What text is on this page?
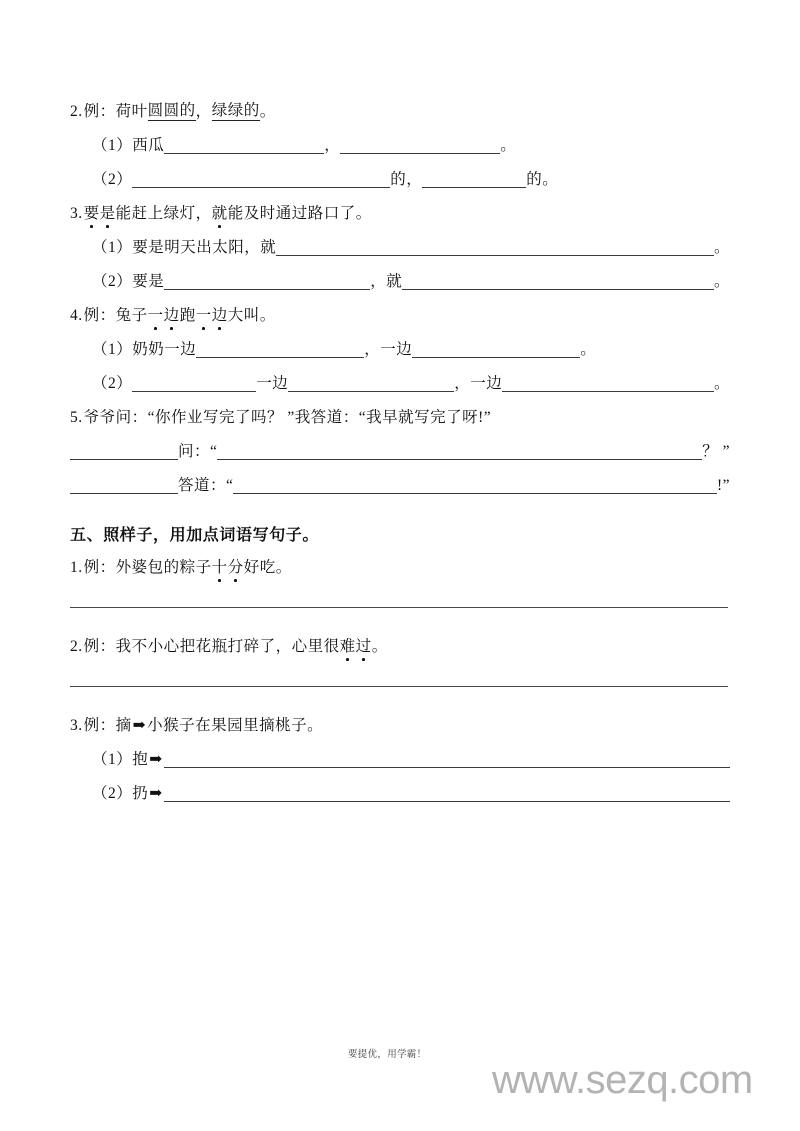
2. 例： 荷叶 圆圆的 ， 绿绿的 。
（1） 西瓜	，	。
（2）	的，	的。
3. 要 是 能赶上绿灯， 就 能及时通过路口了。
（1） 要是明天出太阳，就	。
（2） 要是	，就	。
4. 例： 兔子 一边 跑 一边 大叫。
（1） 奶奶一边	，一边	。
（2）	一边	，一边	。
5. 爷爷问：“你作业写完了吗？ ”我答道：“我早就写完了呀!”
问：“	？ ”
答道：“	!”
五、照样子，用加点词语写句子。
1. 例： 外婆包的粽子 十 分 好吃。
2. 例： 我不小心把花瓶打碎了，心里很 难 过 。
3. 例： 摘 ➡ 小猴子在果园里摘桃子。
（1） 抱 ➡
（2） 扔 ➡
要提优，用学霸！
www.sezq.com
